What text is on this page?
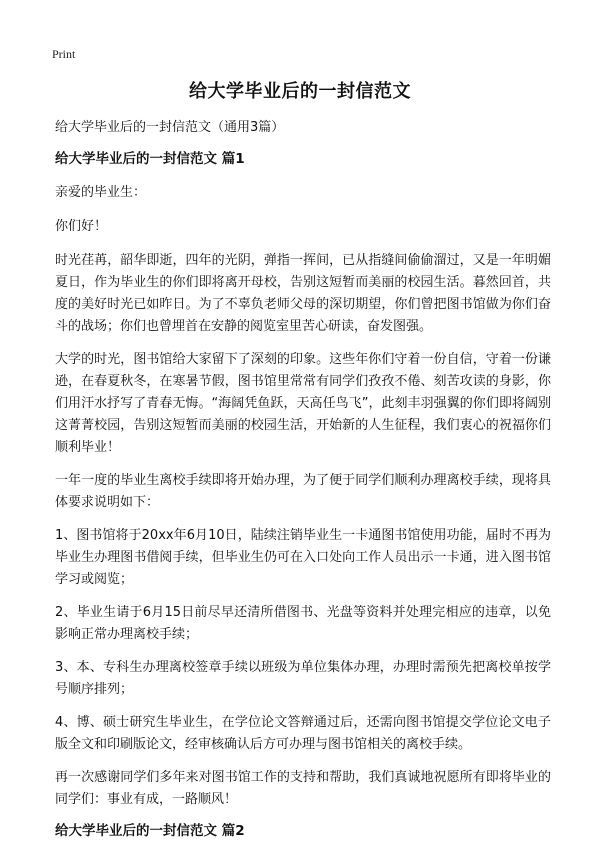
Print
给大学毕业后的一封信范文
给大学毕业后的一封信范文（通用3篇）
给大学毕业后的一封信范文 篇1

亲爱的毕业生：

你们好！

时光荏苒，韶华即逝，四年的光阴，弹指一挥间，已从指缝间偷偷溜过，又是一年明媚夏日，作为毕业生的你们即将离开母校，告别这短暂而美丽的校园生活。暮然回首，共度的美好时光已如昨日。为了不辜负老师父母的深切期望，你们曾把图书馆做为你们奋斗的战场；你们也曾埋首在安静的阅览室里苦心研读，奋发图强。

大学的时光，图书馆给大家留下了深刻的印象。这些年你们守着一份自信，守着一份谦逊，在春夏秋冬，在寒暑节假，图书馆里常常有同学们孜孜不倦、刻苦攻读的身影，你们用汗水抒写了青春无悔。“海阔凭鱼跃，天高任鸟飞”，此刻丰羽强翼的你们即将阔别这菁菁校园，告别这短暂而美丽的校园生活，开始新的人生征程，我们衷心的祝福你们顺利毕业！

一年一度的毕业生离校手续即将开始办理，为了便于同学们顺利办理离校手续，现将具体要求说明如下：

1、图书馆将于20xx年6月10日，陆续注销毕业生一卡通图书馆使用功能，届时不再为毕业生办理图书借阅手续，但毕业生仍可在入口处向工作人员出示一卡通，进入图书馆学习或阅览；

2、毕业生请于6月15日前尽早还清所借图书、光盘等资料并处理完相应的违章，以免影响正常办理离校手续；

3、本、专科生办理离校签章手续以班级为单位集体办理，办理时需预先把离校单按学号顺序排列；

4、博、硕士研究生毕业生，在学位论文答辩通过后，还需向图书馆提交学位论文电子版全文和印刷版论文，经审核确认后方可办理与图书馆相关的离校手续。

再一次感谢同学们多年来对图书馆工作的支持和帮助，我们真诚地祝愿所有即将毕业的同学们：事业有成，一路顺风！

给大学毕业后的一封信范文 篇2
